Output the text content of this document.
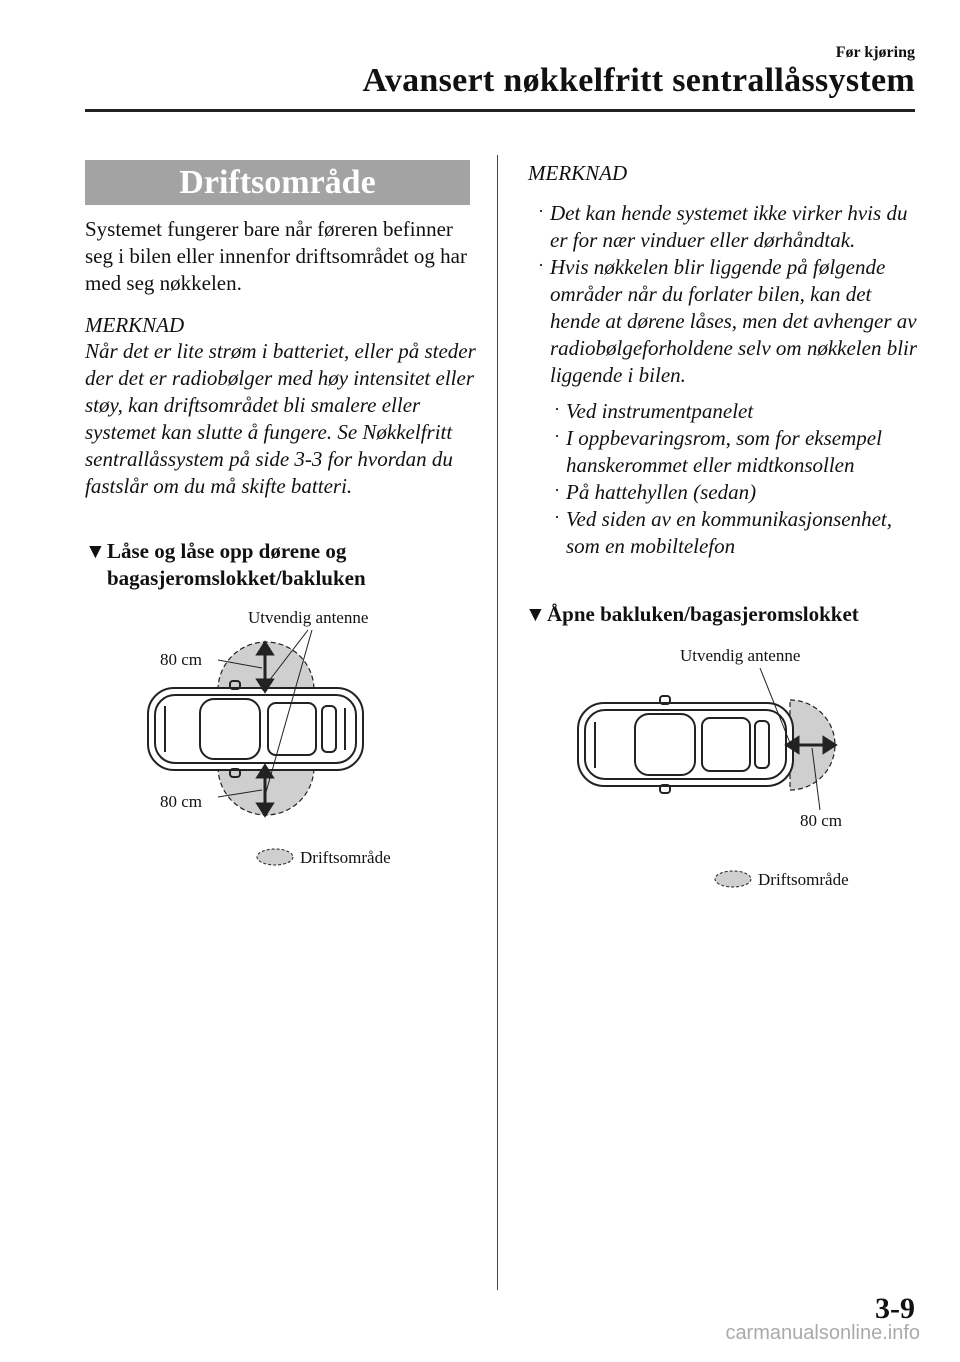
Før kjøring
Avansert nøkkelfritt sentrallåssystem
Driftsområde
Systemet fungerer bare når føreren befinner seg i bilen eller innenfor driftsområdet og har med seg nøkkelen.
MERKNAD
Når det er lite strøm i batteriet, eller på steder der det er radiobølger med høy intensitet eller støy, kan driftsområdet bli smalere eller systemet kan slutte å fungere. Se Nøkkelfritt sentrallåssystem på side 3-3 for hvordan du fastslår om du må skifte batteri.
▼Låse og låse opp dørene og
bagasjeromslokket/bakluken
Utvendig antenne
80 cm
80 cm
Driftsområde
MERKNAD
· Det kan hende systemet ikke virker hvis du er for nær vinduer eller dørhåndtak.
· Hvis nøkkelen blir liggende på følgende områder når du forlater bilen, kan det hende at dørene låses, men det avhenger av radiobølgeforholdene selv om nøkkelen blir liggende i bilen.
· Ved instrumentpanelet
· I oppbevaringsrom, som for eksempel hanskerommet eller midtkonsollen
· På hattehyllen (sedan)
· Ved siden av en kommunikasjonsenhet, som en mobiltelefon
▼Åpne bakluken/bagasjeromslokket
Utvendig antenne
80 cm
Driftsområde
3-9
carmanualsonline.info
